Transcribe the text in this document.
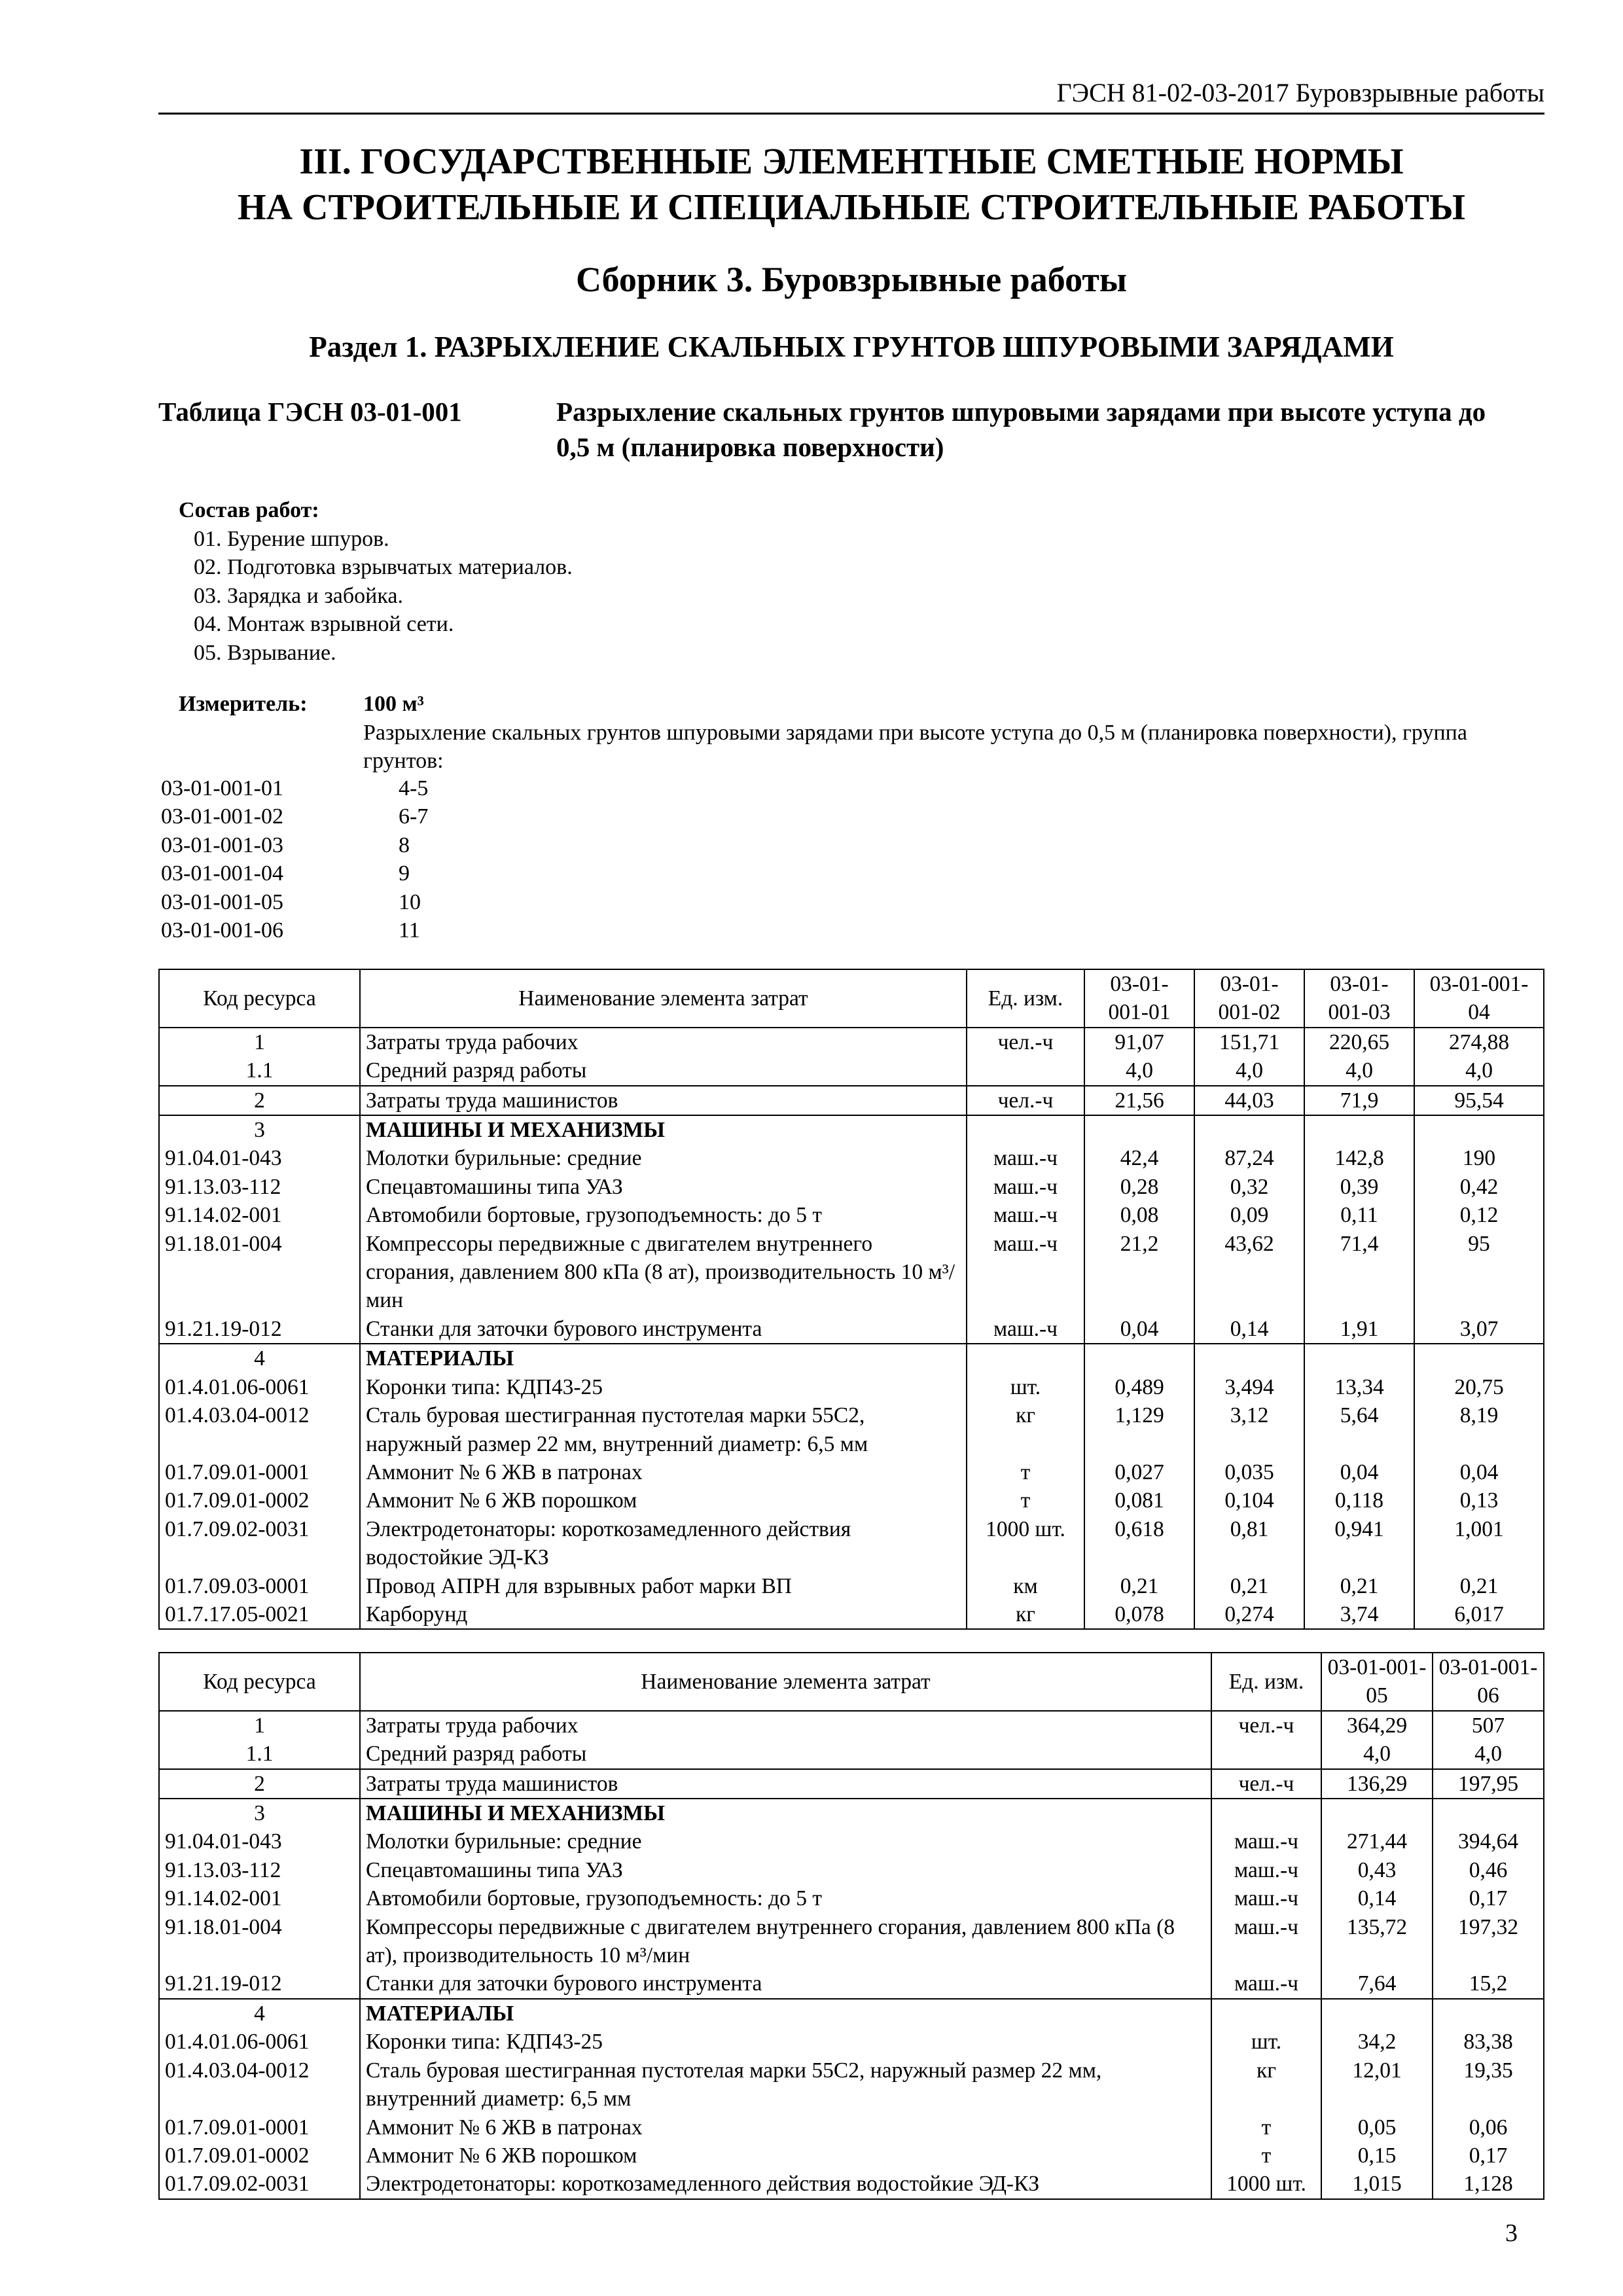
ГЭСН 81-02-03-2017 Буровзрывные работы
III. ГОСУДАРСТВЕННЫЕ ЭЛЕМЕНТНЫЕ СМЕТНЫЕ НОРМЫ
НА СТРОИТЕЛЬНЫЕ И СПЕЦИАЛЬНЫЕ СТРОИТЕЛЬНЫЕ РАБОТЫ
Сборник 3. Буровзрывные работы
Раздел 1. РАЗРЫХЛЕНИЕ СКАЛЬНЫХ ГРУНТОВ ШПУРОВЫМИ ЗАРЯДАМИ
Таблица ГЭСН 03-01-001	Разрыхление скальных грунтов шпуровыми зарядами при высоте уступа до 0,5 м (планировка поверхности)
Состав работ:
01. Бурение шпуров.
02. Подготовка взрывчатых материалов.
03. Зарядка и забойка.
04. Монтаж взрывной сети.
05. Взрывание.
Измеритель:	100 м³
Разрыхление скальных грунтов шпуровыми зарядами при высоте уступа до 0,5 м (планировка поверхности), группа грунтов:
03-01-001-01	4-5
03-01-001-02	6-7
03-01-001-03	8
03-01-001-04	9
03-01-001-05	10
03-01-001-06	11
Код ресурса	Наименование элемента затрат	Ед. изм.	03-01-001-01	03-01-001-02	03-01-001-03	03-01-001-04
1	Затраты труда рабочих	чел.-ч	91,07	151,71	220,65	274,88
1.1	Средний разряд работы		4,0	4,0	4,0	4,0
2	Затраты труда машинистов	чел.-ч	21,56	44,03	71,9	95,54
3	МАШИНЫ И МЕХАНИЗМЫ					
91.04.01-043	Молотки бурильные: средние	маш.-ч	42,4	87,24	142,8	190
91.13.03-112	Спецавтомашины типа УАЗ	маш.-ч	0,28	0,32	0,39	0,42
91.14.02-001	Автомобили бортовые, грузоподъемность: до 5 т	маш.-ч	0,08	0,09	0,11	0,12
91.18.01-004	Компрессоры передвижные с двигателем внутреннего сгорания, давлением 800 кПа (8 ат), производительность 10 м³/мин	маш.-ч	21,2	43,62	71,4	95
91.21.19-012	Станки для заточки бурового инструмента	маш.-ч	0,04	0,14	1,91	3,07
4	МАТЕРИАЛЫ					
01.4.01.06-0061	Коронки типа: КДП43-25	шт.	0,489	3,494	13,34	20,75
01.4.03.04-0012	Сталь буровая шестигранная пустотелая марки 55С2, наружный размер 22 мм, внутренний диаметр: 6,5 мм	кг	1,129	3,12	5,64	8,19
01.7.09.01-0001	Аммонит № 6 ЖВ в патронах	т	0,027	0,035	0,04	0,04
01.7.09.01-0002	Аммонит № 6 ЖВ порошком	т	0,081	0,104	0,118	0,13
01.7.09.02-0031	Электродетонаторы: короткозамедленного действия водостойкие ЭД-КЗ	1000 шт.	0,618	0,81	0,941	1,001
01.7.09.03-0001	Провод АПРН для взрывных работ марки ВП	км	0,21	0,21	0,21	0,21
01.7.17.05-0021	Карборунд	кг	0,078	0,274	3,74	6,017
Код ресурса	Наименование элемента затрат	Ед. изм.	03-01-001-05	03-01-001-06
1	Затраты труда рабочих	чел.-ч	364,29	507
1.1	Средний разряд работы		4,0	4,0
2	Затраты труда машинистов	чел.-ч	136,29	197,95
3	МАШИНЫ И МЕХАНИЗМЫ			
91.04.01-043	Молотки бурильные: средние	маш.-ч	271,44	394,64
91.13.03-112	Спецавтомашины типа УАЗ	маш.-ч	0,43	0,46
91.14.02-001	Автомобили бортовые, грузоподъемность: до 5 т	маш.-ч	0,14	0,17
91.18.01-004	Компрессоры передвижные с двигателем внутреннего сгорания, давлением 800 кПа (8 ат), производительность 10 м³/мин	маш.-ч	135,72	197,32
91.21.19-012	Станки для заточки бурового инструмента	маш.-ч	7,64	15,2
4	МАТЕРИАЛЫ			
01.4.01.06-0061	Коронки типа: КДП43-25	шт.	34,2	83,38
01.4.03.04-0012	Сталь буровая шестигранная пустотелая марки 55С2, наружный размер 22 мм, внутренний диаметр: 6,5 мм	кг	12,01	19,35
01.7.09.01-0001	Аммонит № 6 ЖВ в патронах	т	0,05	0,06
01.7.09.01-0002	Аммонит № 6 ЖВ порошком	т	0,15	0,17
01.7.09.02-0031	Электродетонаторы: короткозамедленного действия водостойкие ЭД-КЗ	1000 шт.	1,015	1,128
3
